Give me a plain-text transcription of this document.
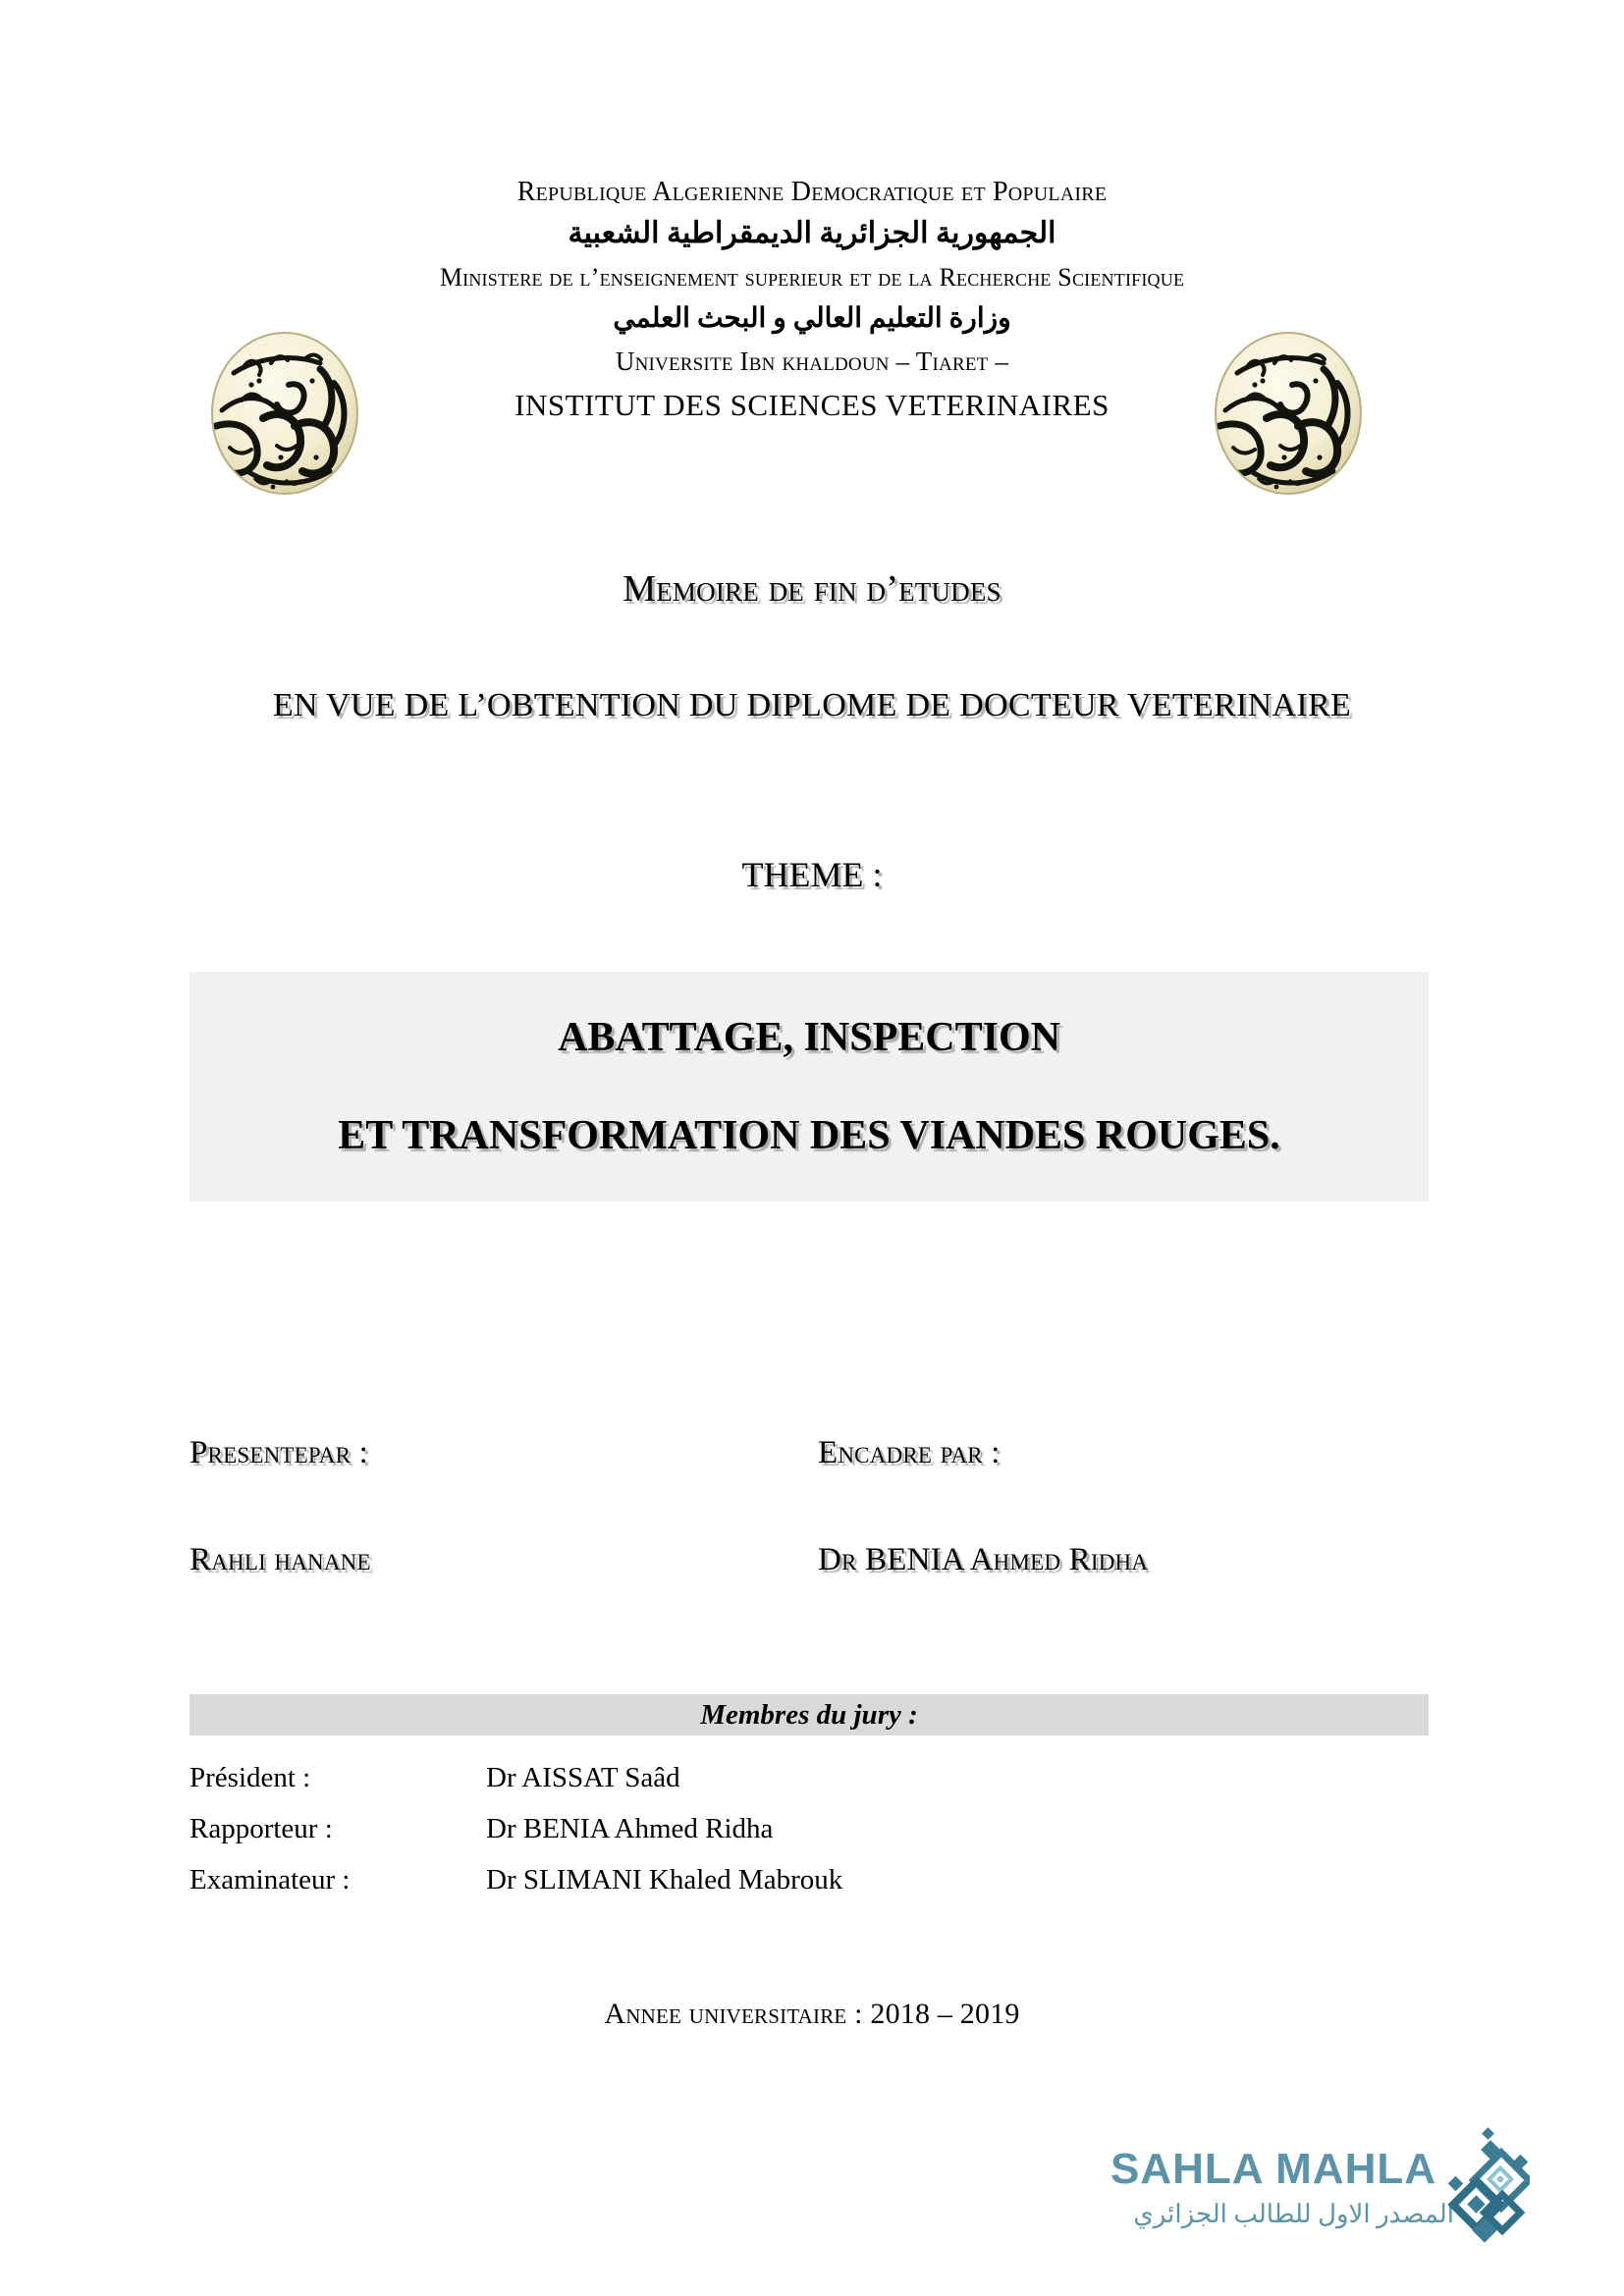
Republique Algerienne Democratique et Populaire
الجمهورية الجزائرية الديمقراطية الشعبية
Ministere de l’enseignement superieur et de la Recherche Scientifique
وزارة التعليم العالي و البحث العلمي
Universite Ibn khaldoun – Tiaret –
INSTITUT DES SCIENCES VETERINAIRES
Memoire de fin d’etudes
EN VUE DE L’OBTENTION DU DIPLOME DE DOCTEUR VETERINAIRE
THEME :
ABATTAGE, INSPECTION
ET TRANSFORMATION DES VIANDES ROUGES.
Presentepar :	Encadre par :
Rahli hanane	Dr BENIA Ahmed Ridha
Membres du jury :
Président :	Dr AISSAT Saâd
Rapporteur :	Dr BENIA Ahmed Ridha
Examinateur :	Dr SLIMANI Khaled Mabrouk
Annee universitaire : 2018 – 2019
SAHLA MAHLA
المصدر الاول للطالب الجزائري
